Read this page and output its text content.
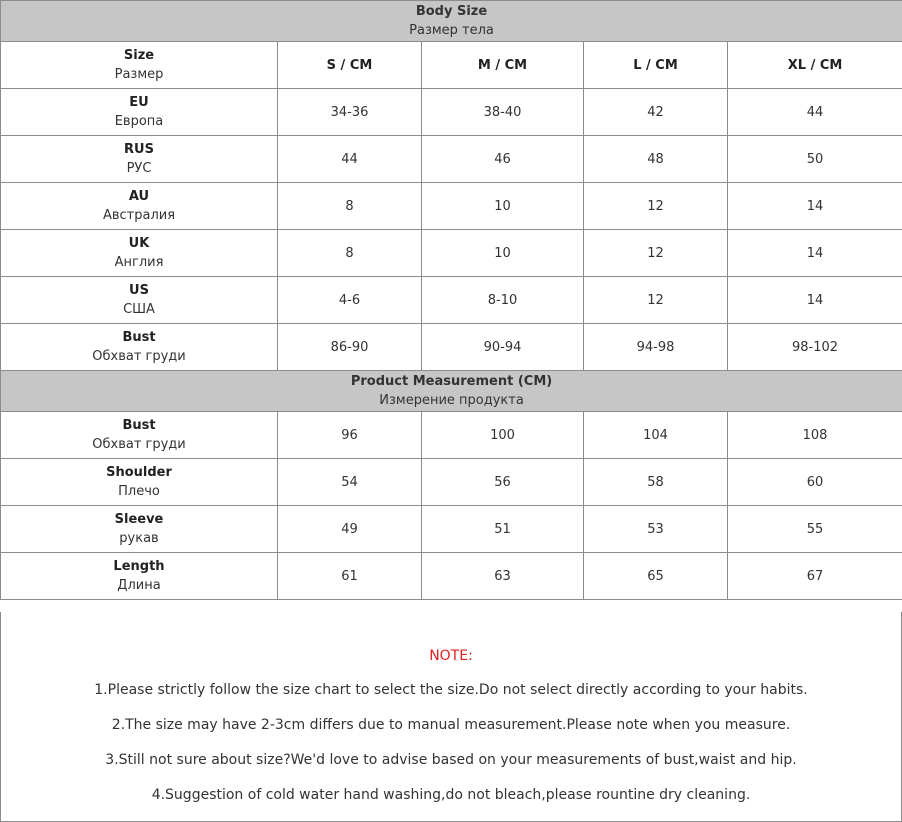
Body Size
Размер тела				

Size
Размер	S / CM	M / CM	L / CM	XL / CM

EU
Европа	34-36	38-40	42	44

RUS
РУС	44	46	48	50

AU
Австралия	8	10	12	14

UK
Англия	8	10	12	14

US
США	4-6	8-10	12	14

Bust
Обхват груди	86-90	90-94	94-98	98-102

Product Measurement (CM)
Измерение продукта				

Bust
Обхват груди	96	100	104	108

Shoulder
Плечо	54	56	58	60

Sleeve
рукав	49	51	53	55

Length
Длина	61	63	65	67
NOTE:
1.Please strictly follow the size chart to select the size.Do not select directly according to your habits.
2.The size may have 2-3cm differs due to manual measurement.Please note when you measure.
3.Still not sure about size?We'd love to advise based on your measurements of bust,waist and hip.
4.Suggestion of cold water hand washing,do not bleach,please rountine dry cleaning.
